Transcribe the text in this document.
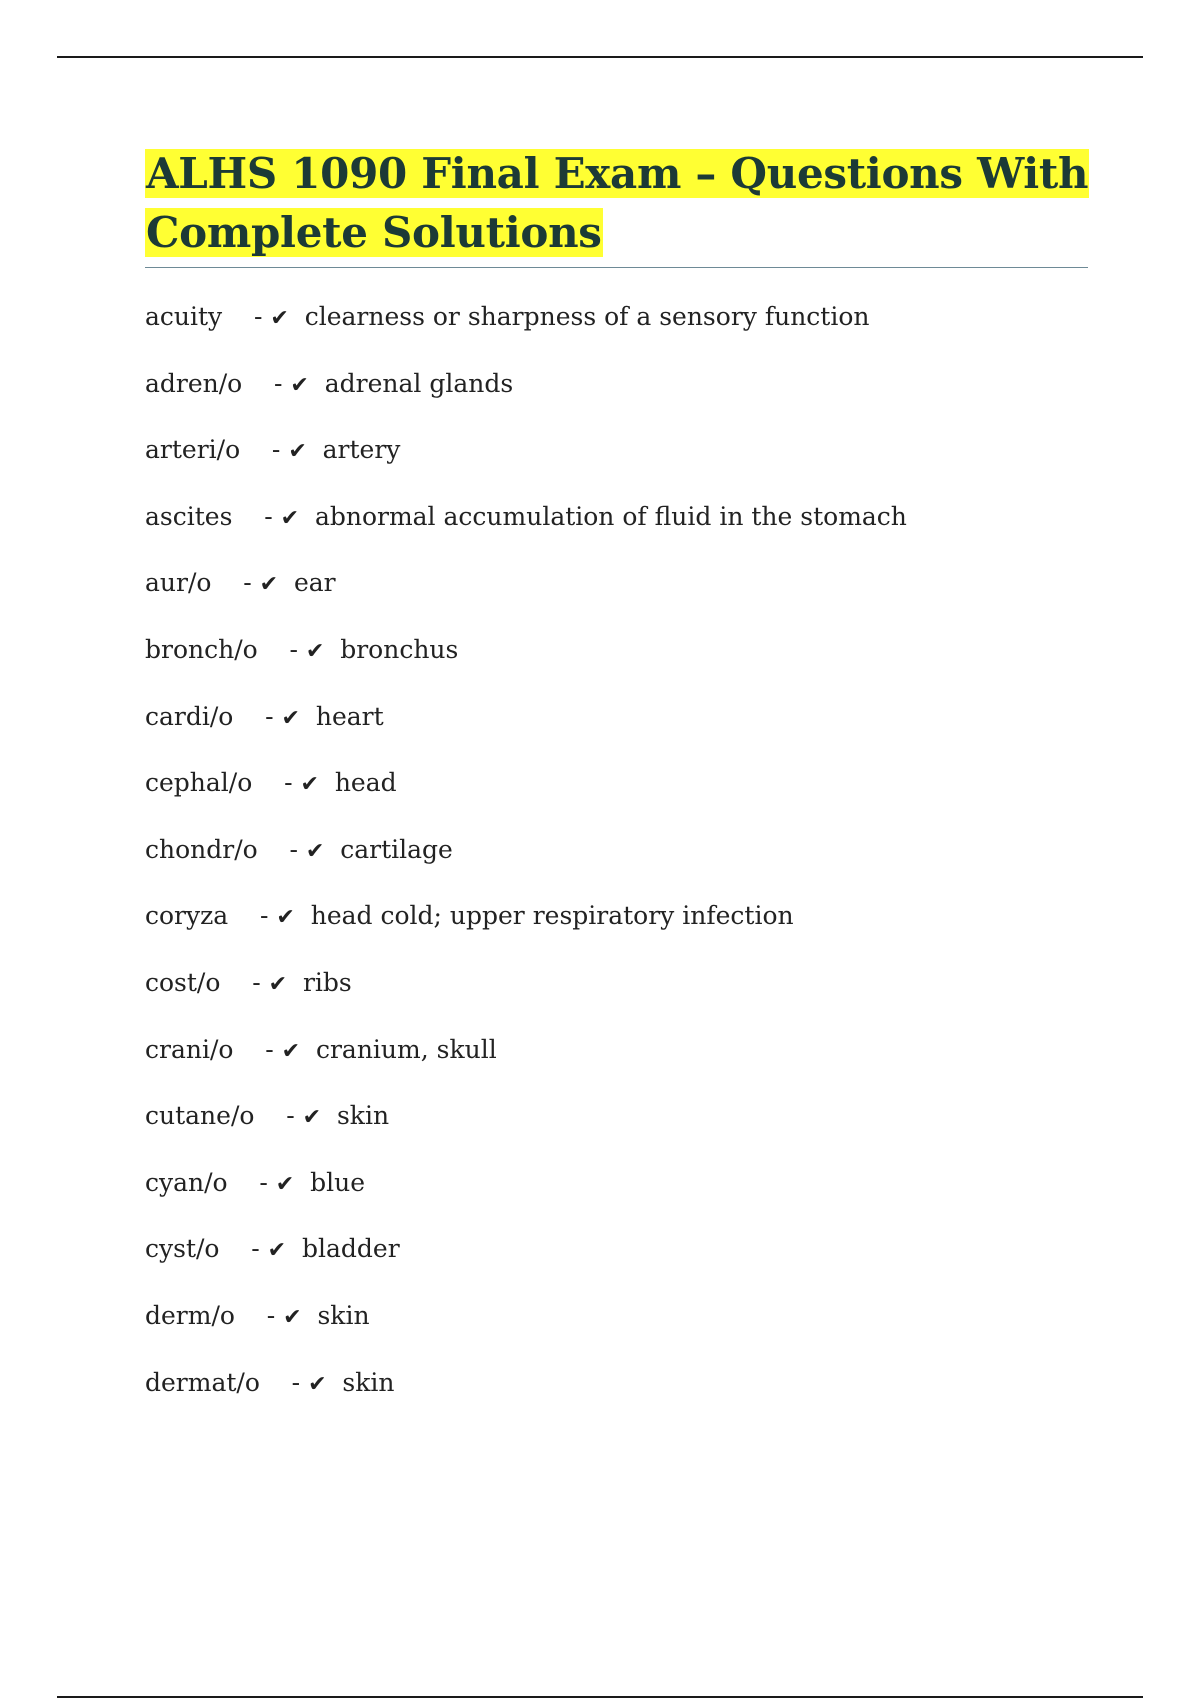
ALHS 1090 Final Exam – Questions With Complete Solutions
acuity    - ✔ clearness or sharpness of a sensory function
adren/o    - ✔ adrenal glands
arteri/o    - ✔ artery
ascites    - ✔ abnormal accumulation of fluid in the stomach
aur/o    - ✔ ear
bronch/o    - ✔ bronchus
cardi/o    - ✔ heart
cephal/o    - ✔ head
chondr/o    - ✔ cartilage
coryza    - ✔ head cold; upper respiratory infection
cost/o    - ✔ ribs
crani/o    - ✔ cranium, skull
cutane/o    - ✔ skin
cyan/o    - ✔ blue
cyst/o    - ✔ bladder
derm/o    - ✔ skin
dermat/o    - ✔ skin
